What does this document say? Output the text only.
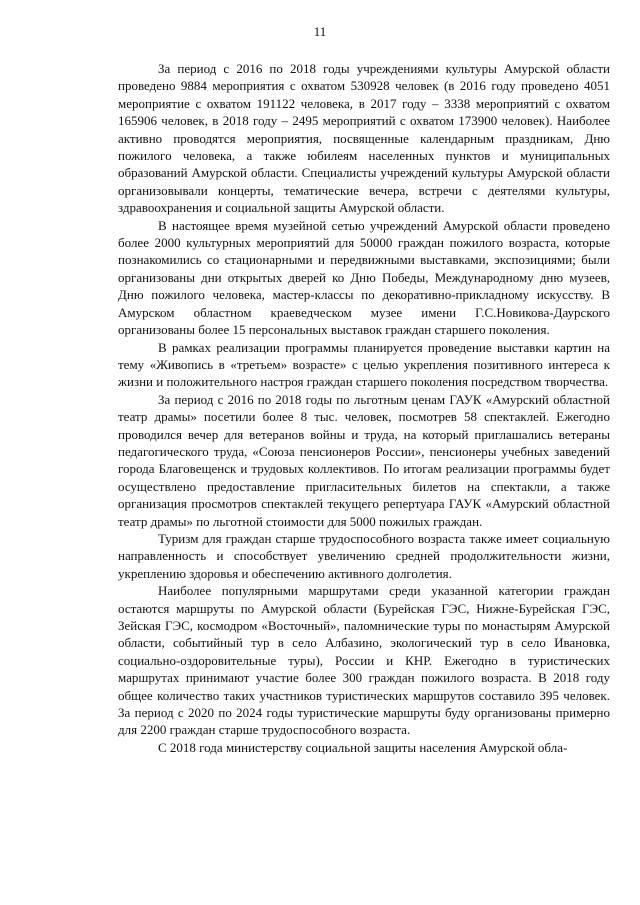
11

За период с 2016 по 2018 годы учреждениями культуры Амурской области проведено 9884 мероприятия с охватом 530928 человек (в 2016 году проведено 4051 мероприятие с охватом 191122 человека, в 2017 году – 3338 мероприятий с охватом 165906 человек, в 2018 году – 2495 мероприятий с охватом 173900 человек). Наиболее активно проводятся мероприятия, посвященные календарным праздникам, Дню пожилого человека, а также юбилеям населенных пунктов и муниципальных образований Амурской области. Специалисты учреждений культуры Амурской области организовывали концерты, тематические вечера, встречи с деятелями культуры, здравоохранения и социальной защиты Амурской области.

В настоящее время музейной сетью учреждений Амурской области проведено более 2000 культурных мероприятий для 50000 граждан пожилого возраста, которые познакомились со стационарными и передвижными выставками, экспозициями; были организованы дни открытых дверей ко Дню Победы, Международному дню музеев, Дню пожилого человека, мастер-классы по декоративно-прикладному искусству. В Амурском областном краеведческом музее имени Г.С.Новикова-Даурского организованы более 15 персональных выставок граждан старшего поколения.

В рамках реализации программы планируется проведение выставки картин на тему «Живопись в «третьем» возрасте» с целью укрепления позитивного интереса к жизни и положительного настроя граждан старшего поколения посредством творчества.

За период с 2016 по 2018 годы по льготным ценам ГАУК «Амурский областной театр драмы» посетили более 8 тыс. человек, посмотрев 58 спектаклей. Ежегодно проводился вечер для ветеранов войны и труда, на который приглашались ветераны педагогического труда, «Союза пенсионеров России», пенсионеры учебных заведений города Благовещенск и трудовых коллективов. По итогам реализации программы будет осуществлено предоставление пригласительных билетов на спектакли, а также организация просмотров спектаклей текущего репертуара ГАУК «Амурский областной театр драмы» по льготной стоимости для 5000 пожилых граждан.

Туризм для граждан старше трудоспособного возраста также имеет социальную направленность и способствует увеличению средней продолжительности жизни, укреплению здоровья и обеспечению активного долголетия.

Наиболее популярными маршрутами среди указанной категории граждан остаются маршруты по Амурской области (Бурейская ГЭС, Нижне-Бурейская ГЭС, Зейская ГЭС, космодром «Восточный», паломнические туры по монастырям Амурской области, событийный тур в село Албазино, экологический тур в село Ивановка, социально-оздоровительные туры), России и КНР. Ежегодно в туристических маршрутах принимают участие более 300 граждан пожилого возраста. В 2018 году общее количество таких участников туристических маршрутов составило 395 человек. За период с 2020 по 2024 годы туристические маршруты буду организованы примерно для 2200 граждан старше трудоспособного возраста.

С 2018 года министерству социальной защиты населения Амурской обла-
